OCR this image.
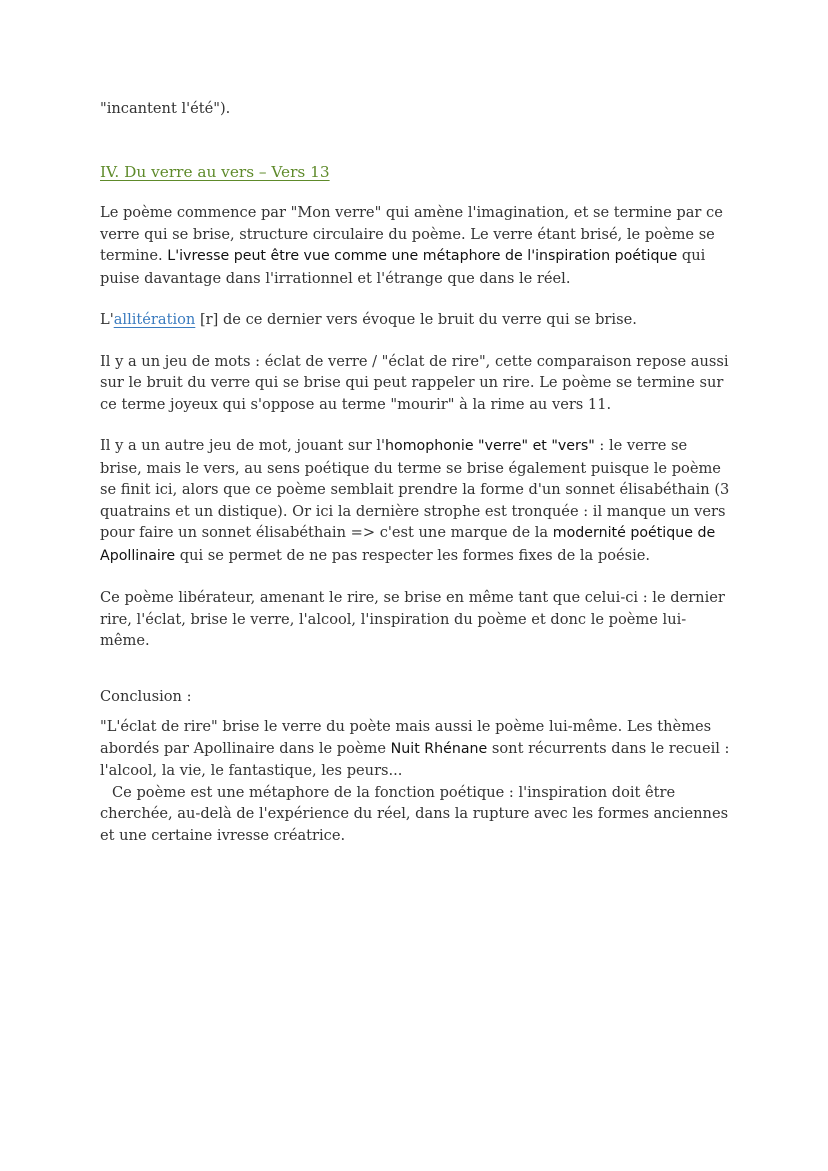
"incantent l'été").

IV. Du verre au vers – Vers 13

Le poème commence par "Mon verre" qui amène l'imagination, et se termine par ce verre qui se brise, structure circulaire du poème. Le verre étant brisé, le poème se termine. L'ivresse peut être vue comme une métaphore de l'inspiration poétique qui puise davantage dans l'irrationnel et l'étrange que dans le réel.

L'allitération [r] de ce dernier vers évoque le bruit du verre qui se brise.

Il y a un jeu de mots : éclat de verre / "éclat de rire", cette comparaison repose aussi sur le bruit du verre qui se brise qui peut rappeler un rire. Le poème se termine sur ce terme joyeux qui s'oppose au terme "mourir" à la rime au vers 11.

Il y a un autre jeu de mot, jouant sur l'homophonie "verre" et "vers" : le verre se brise, mais le vers, au sens poétique du terme se brise également puisque le poème se finit ici, alors que ce poème semblait prendre la forme d'un sonnet élisabéthain (3 quatrains et un distique). Or ici la dernière strophe est tronquée : il manque un vers pour faire un sonnet élisabéthain => c'est une marque de la modernité poétique de Apollinaire qui se permet de ne pas respecter les formes fixes de la poésie.

Ce poème libérateur, amenant le rire, se brise en même tant que celui-ci : le dernier rire, l'éclat, brise le verre, l'alcool, l'inspiration du poème et donc le poème lui-même.

Conclusion :

"L'éclat de rire" brise le verre du poète mais aussi le poème lui-même. Les thèmes abordés par Apollinaire dans le poème Nuit Rhénane sont récurrents dans le recueil : l'alcool, la vie, le fantastique, les peurs...

Ce poème est une métaphore de la fonction poétique : l'inspiration doit être cherchée, au-delà de l'expérience du réel, dans la rupture avec les formes anciennes et une certaine ivresse créatrice.
